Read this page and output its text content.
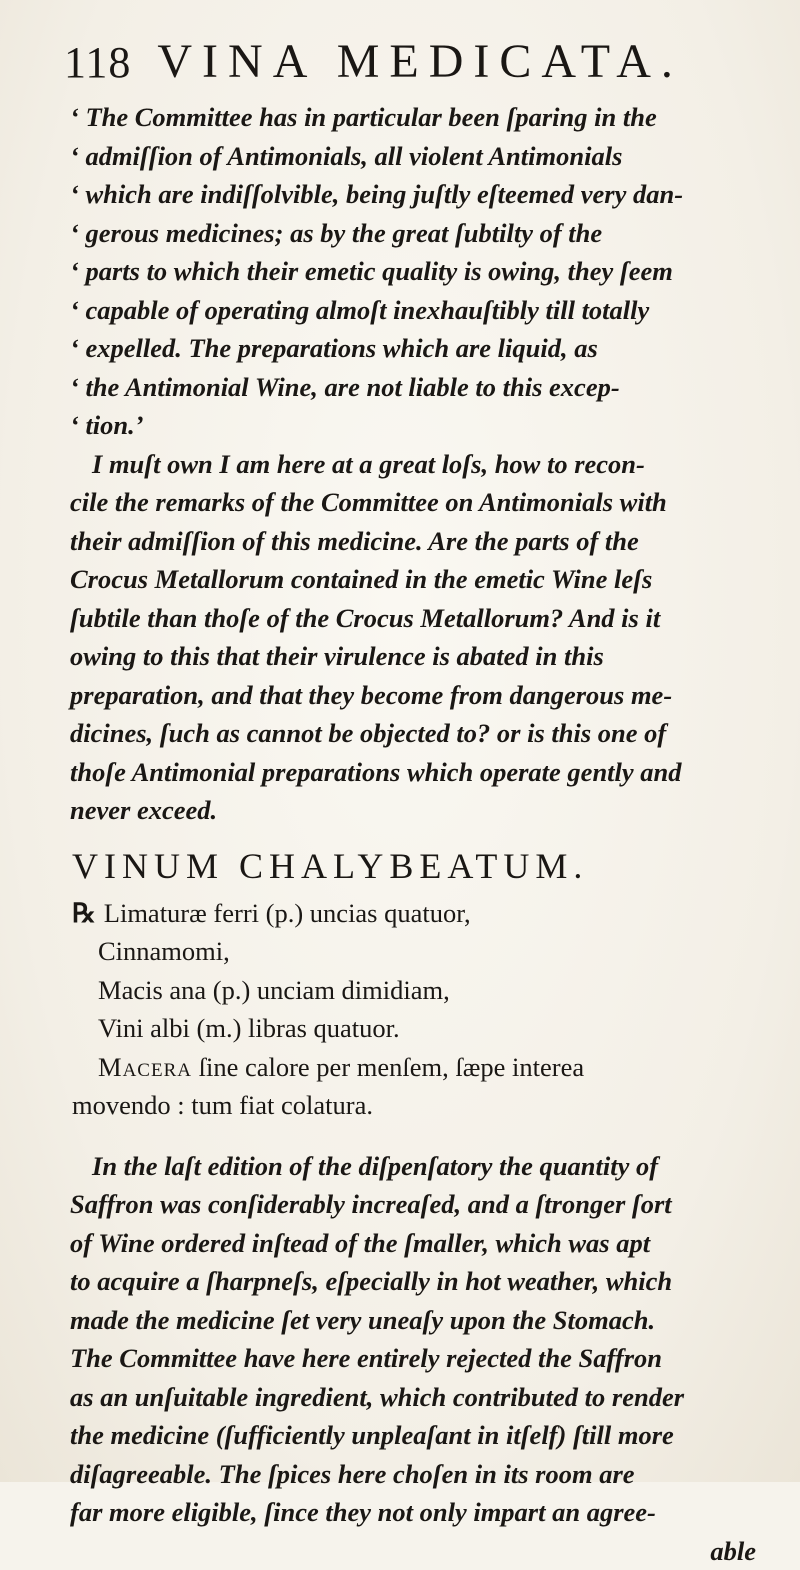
118 VINA MEDICATA.
‘ The Committee has in particular been ſparing in the
‘ admiſſion of Antimonials, all violent Antimonials
‘ which are indiſſolvible, being juſtly eſteemed very dan-
‘ gerous medicines; as by the great ſubtilty of the
‘ parts to which their emetic quality is owing, they ſeem
‘ capable of operating almoſt inexhauſtibly till totally
‘ expelled. The preparations which are liquid, as
‘ the Antimonial Wine, are not liable to this excep-
‘ tion.’
I muſt own I am here at a great loſs, how to recon-
cile the remarks of the Committee on Antimonials with
their admiſſion of this medicine. Are the parts of the
Crocus Metallorum contained in the emetic Wine leſs
ſubtile than thoſe of the Crocus Metallorum? And is it
owing to this that their virulence is abated in this
preparation, and that they become from dangerous me-
dicines, ſuch as cannot be objected to? or is this one of
thoſe Antimonial preparations which operate gently and
never exceed.
VINUM CHALYBEATUM.
℞ Limaturæ ferri (p.) uncias quatuor,
Cinnamomi,
Macis ana (p.) unciam dimidiam,
Vini albi (m.) libras quatuor.
Macera ſine calore per menſem, ſæpe interea
movendo : tum fiat colatura.
In the laſt edition of the diſpenſatory the quantity of
Saffron was conſiderably increaſed, and a ſtronger ſort
of Wine ordered inſtead of the ſmaller, which was apt
to acquire a ſharpneſs, eſpecially in hot weather, which
made the medicine ſet very uneaſy upon the Stomach.
The Committee have here entirely rejected the Saffron
as an unſuitable ingredient, which contributed to render
the medicine (ſufficiently unpleaſant in itſelf) ſtill more
diſagreeable. The ſpices here choſen in its room are
far more eligible, ſince they not only impart an agree-
able
